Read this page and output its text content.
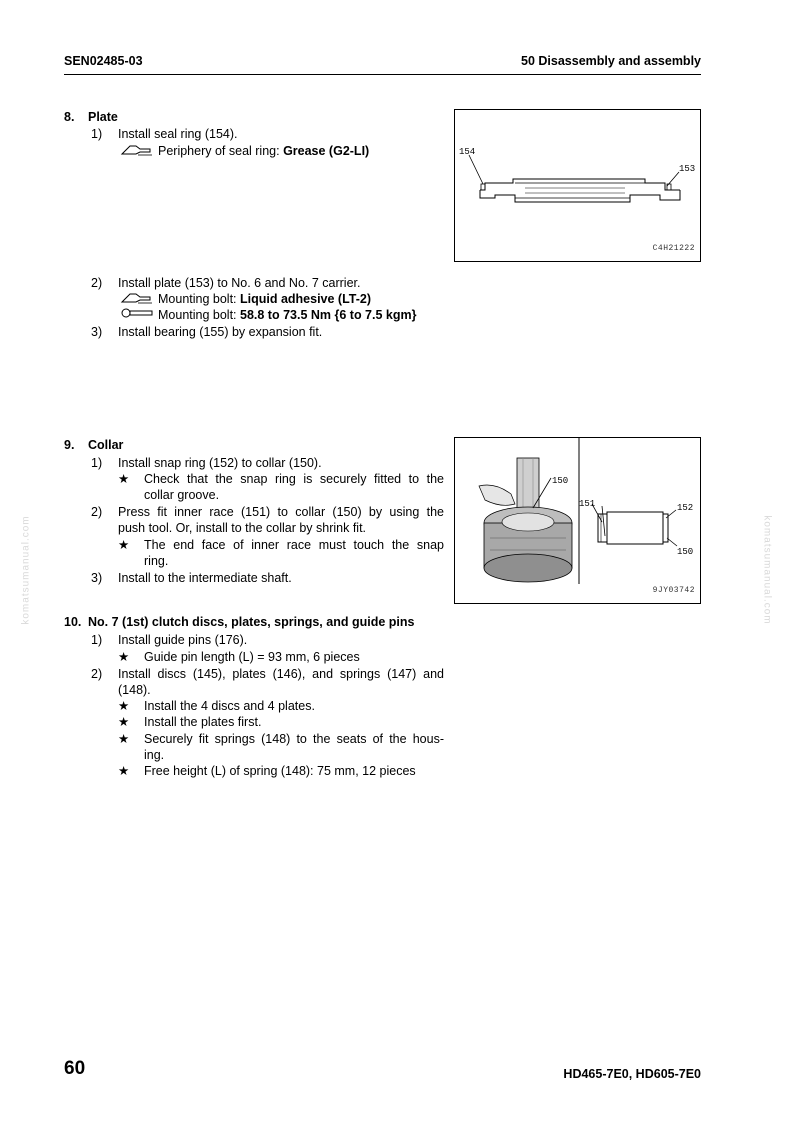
SEN02485-03	50 Disassembly and assembly
komatsumanual.com	komatsumanual.com
8. Plate
1) Install seal ring (154).
Periphery of seal ring: Grease (G2-LI)	154
153
C4H21222
2) Install plate (153) to No. 6 and No. 7 carrier.
Mounting bolt: Liquid adhesive (LT-2)
Mounting bolt: 58.8 to 73.5 Nm {6 to 7.5 kgm}
3) Install bearing (155) by expansion fit.
9. Collar
1) Install snap ring (152) to collar (150).
★ Check that the snap ring is securely fitted to the
collar groove.
2) Press fit inner race (151) to collar (150) by using the
push tool. Or, install to the collar by shrink fit.
★ The end face of inner race must touch the snap
ring.
3) Install to the intermediate shaft.
150
151	152
150
9JY03742
10. No. 7 (1st) clutch discs, plates, springs, and guide pins
1) Install guide pins (176).
★ Guide pin length (L) = 93 mm, 6 pieces
2) Install discs (145), plates (146), and springs (147) and
(148).
★ Install the 4 discs and 4 plates.
★ Install the plates first.
★ Securely fit springs (148) to the seats of the hous-
ing.
★ Free height (L) of spring (148): 75 mm, 12 pieces
60	HD465-7E0, HD605-7E0
